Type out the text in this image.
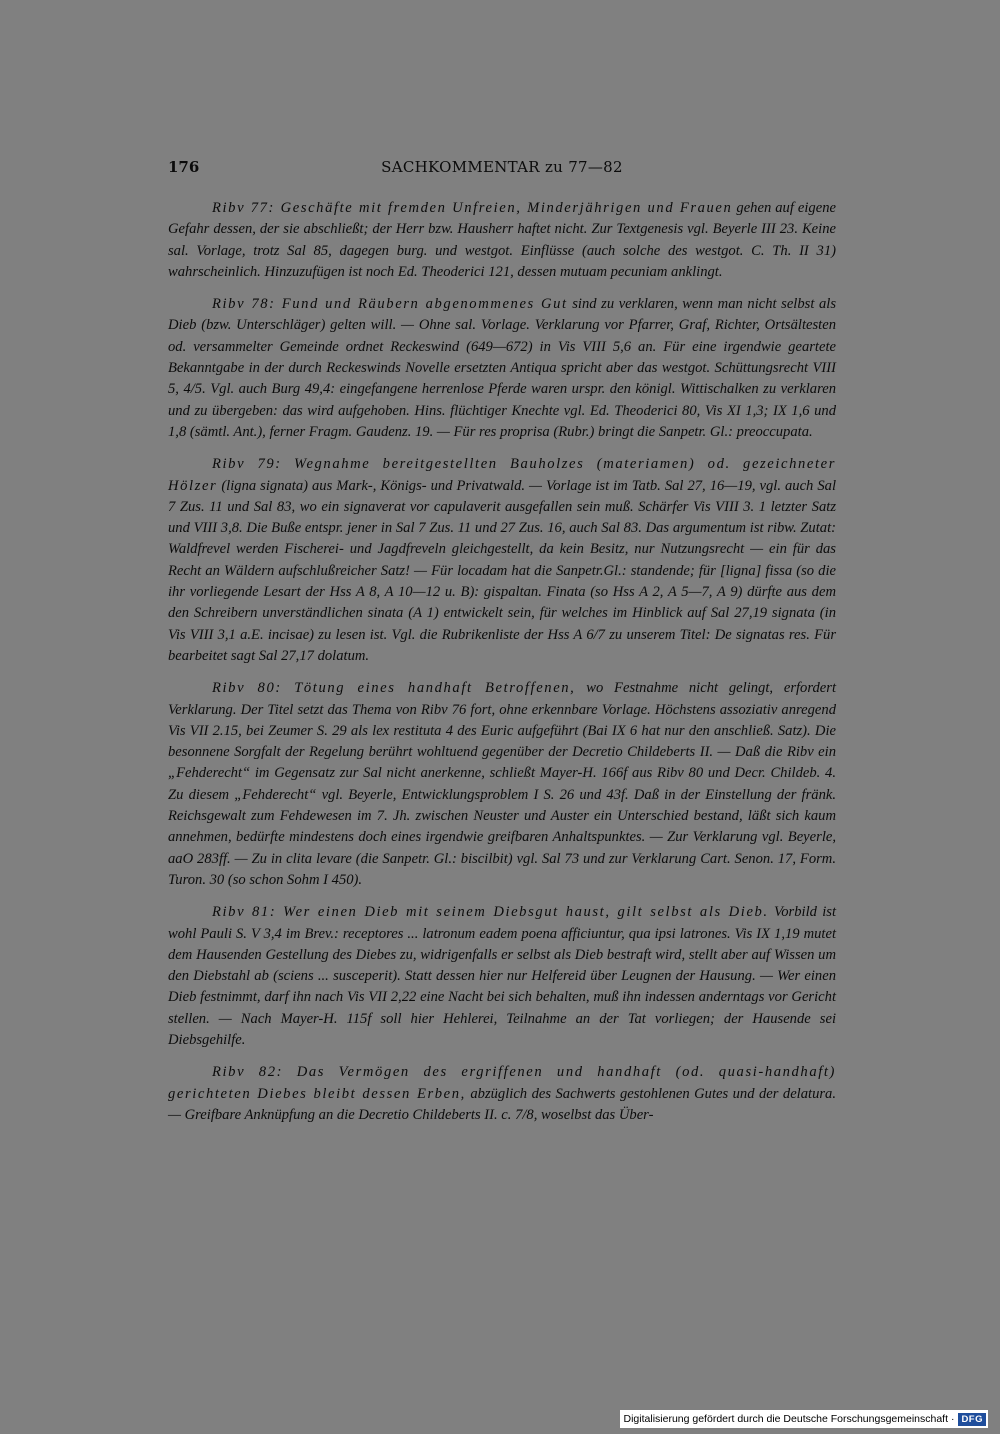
176	SACHKOMMENTAR zu 77—82

Ribv 77: Geschäfte mit fremden Unfreien, Minderjährigen und Frauen gehen auf eigene Gefahr dessen, der sie abschließt; der Herr bzw. Hausherr haftet nicht. Zur Textgenesis vgl. Beyerle III 23. Keine sal. Vorlage, trotz Sal 85, dagegen burg. und westgot. Einflüsse (auch solche des westgot. C. Th. II 31) wahrscheinlich. Hinzuzufügen ist noch Ed. Theoderici 121, dessen mutuam pecuniam anklingt.

Ribv 78: Fund und Räubern abgenommenes Gut sind zu verklaren, wenn man nicht selbst als Dieb (bzw. Unterschläger) gelten will. — Ohne sal. Vorlage. Verklarung vor Pfarrer, Graf, Richter, Ortsältesten od. versammelter Gemeinde ordnet Reckeswind (649—672) in Vis VIII 5,6 an. Für eine irgendwie geartete Bekanntgabe in der durch Reckeswinds Novelle ersetzten Antiqua spricht aber das westgot. Schüttungsrecht VIII 5, 4/5. Vgl. auch Burg 49,4: eingefangene herrenlose Pferde waren urspr. den königl. Wittischalken zu verklaren und zu übergeben: das wird aufgehoben. Hins. flüchtiger Knechte vgl. Ed. Theoderici 80, Vis XI 1,3; IX 1,6 und 1,8 (sämtl. Ant.), ferner Fragm. Gaudenz. 19. — Für res proprisa (Rubr.) bringt die Sanpetr. Gl.: preoccupata.

Ribv 79: Wegnahme bereitgestellten Bauholzes (materiamen) od. gezeichneter Hölzer (ligna signata) aus Mark-, Königs- und Privatwald. — Vorlage ist im Tatb. Sal 27, 16—19, vgl. auch Sal 7 Zus. 11 und Sal 83, wo ein signaverat vor capulaverit ausgefallen sein muß. Schärfer Vis VIII 3. 1 letzter Satz und VIII 3,8. Die Buße entspr. jener in Sal 7 Zus. 11 und 27 Zus. 16, auch Sal 83. Das argumentum ist ribw. Zutat: Waldfrevel werden Fischerei- und Jagdfreveln gleichgestellt, da kein Besitz, nur Nutzungsrecht — ein für das Recht an Wäldern aufschlußreicher Satz! — Für locadam hat die Sanpetr.Gl.: standende; für [ligna] fissa (so die ihr vorliegende Lesart der Hss A 8, A 10—12 u. B): gispaltan. Finata (so Hss A 2, A 5—7, A 9) dürfte aus dem den Schreibern unverständlichen sinata (A 1) entwickelt sein, für welches im Hinblick auf Sal 27,19 signata (in Vis VIII 3,1 a.E. incisae) zu lesen ist. Vgl. die Rubrikenliste der Hss A 6/7 zu unserem Titel: De signatas res. Für bearbeitet sagt Sal 27,17 dolatum.

Ribv 80: Tötung eines handhaft Betroffenen, wo Festnahme nicht gelingt, erfordert Verklarung. Der Titel setzt das Thema von Ribv 76 fort, ohne erkennbare Vorlage. Höchstens assoziativ anregend Vis VII 2.15, bei Zeumer S. 29 als lex restituta 4 des Euric aufgeführt (Bai IX 6 hat nur den anschließ. Satz). Die besonnene Sorgfalt der Regelung berührt wohltuend gegenüber der Decretio Childeberts II. — Daß die Ribv ein „Fehderecht“ im Gegensatz zur Sal nicht anerkenne, schließt Mayer-H. 166f aus Ribv 80 und Decr. Childeb. 4. Zu diesem „Fehderecht“ vgl. Beyerle, Entwicklungsproblem I S. 26 und 43f. Daß in der Einstellung der fränk. Reichsgewalt zum Fehdewesen im 7. Jh. zwischen Neuster und Auster ein Unterschied bestand, läßt sich kaum annehmen, bedürfte mindestens doch eines irgendwie greifbaren Anhaltspunktes. — Zur Verklarung vgl. Beyerle, aaO 283ff. — Zu in clita levare (die Sanpetr. Gl.: biscilbit) vgl. Sal 73 und zur Verklarung Cart. Senon. 17, Form. Turon. 30 (so schon Sohm I 450).

Ribv 81: Wer einen Dieb mit seinem Diebsgut haust, gilt selbst als Dieb. Vorbild ist wohl Pauli S. V 3,4 im Brev.: receptores ... latronum eadem poena afficiuntur, qua ipsi latrones. Vis IX 1,19 mutet dem Hausenden Gestellung des Diebes zu, widrigenfalls er selbst als Dieb bestraft wird, stellt aber auf Wissen um den Diebstahl ab (sciens ... susceperit). Statt dessen hier nur Helfereid über Leugnen der Hausung. — Wer einen Dieb festnimmt, darf ihn nach Vis VII 2,22 eine Nacht bei sich behalten, muß ihn indessen anderntags vor Gericht stellen. — Nach Mayer-H. 115f soll hier Hehlerei, Teilnahme an der Tat vorliegen; der Hausende sei Diebsgehilfe.

Ribv 82: Das Vermögen des ergriffenen und handhaft (od. quasi-handhaft) gerichteten Diebes bleibt dessen Erben, abzüglich des Sachwerts gestohlenen Gutes und der delatura. — Greifbare Anknüpfung an die Decretio Childeberts II. c. 7/8, woselbst das Über-

Digitalisierung gefördert durch die Deutsche Forschungsgemeinschaft · DFG
